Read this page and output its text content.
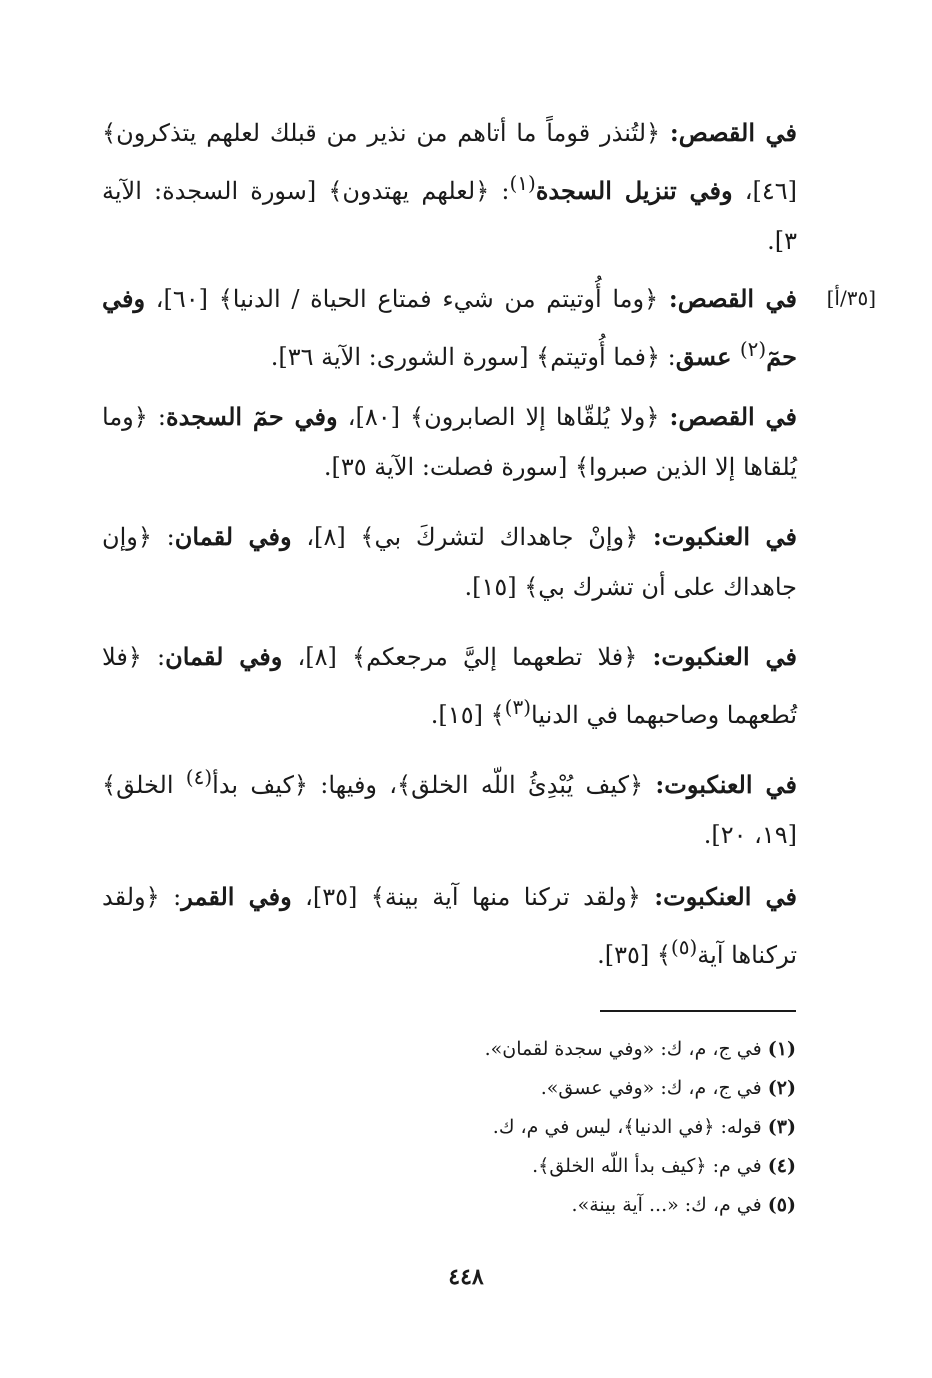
في القصص: ﴿لتُنذر قوماً ما أتاهم من نذير من قبلك لعلهم يتذكرون﴾ [٤٦]، وفي تنزيل السجدة$^{(١)}$: ﴿لعلهم يهتدون﴾ [سورة السجدة: الآية ٣].

[٣٥/أ]

في القصص: ﴿وما أُوتيتم من شيء فمتاع الحياة / الدنيا﴾ [٦٠]، وفي حمٓ$^{(٢)}$ عسق: ﴿فما أُوتيتم﴾ [سورة الشورى: الآية ٣٦].

في القصص: ﴿ولا يُلقّاها إلا الصابرون﴾ [٨٠]، وفي حمٓ السجدة: ﴿وما يُلقاها إلا الذين صبروا﴾ [سورة فصلت: الآية ٣٥].

في العنكبوت: ﴿وإنْ جاهداك لتشركَ بي﴾ [٨]، وفي لقمان: ﴿وإن جاهداك على أن تشرك بي﴾ [١٥].

في العنكبوت: ﴿فلا تطعهما إليَّ مرجعكم﴾ [٨]، وفي لقمان: ﴿فلا تُطعهما وصاحبهما في الدنيا$^{(٣)}$﴾ [١٥].

في العنكبوت: ﴿كيف يُبْدِئُ اللّه الخلق﴾، وفيها: ﴿كيف بدأ$^{(٤)}$ الخلق﴾ [١٩، ٢٠].

في العنكبوت: ﴿ولقد تركنا منها آية بينة﴾ [٣٥]، وفي القمر: ﴿ولقد تركناها آية$^{(٥)}$﴾ [٣٥].

(١) في ج، م، ك: «وفي سجدة لقمان».
(٢) في ج، م، ك: «وفي عسق».
(٣) قوله: ﴿في الدنيا﴾، ليس في م، ك.
(٤) في م: ﴿كيف بدأ اللّه الخلق﴾.
(٥) في م، ك: «... آية بينة».
٤٤٨
